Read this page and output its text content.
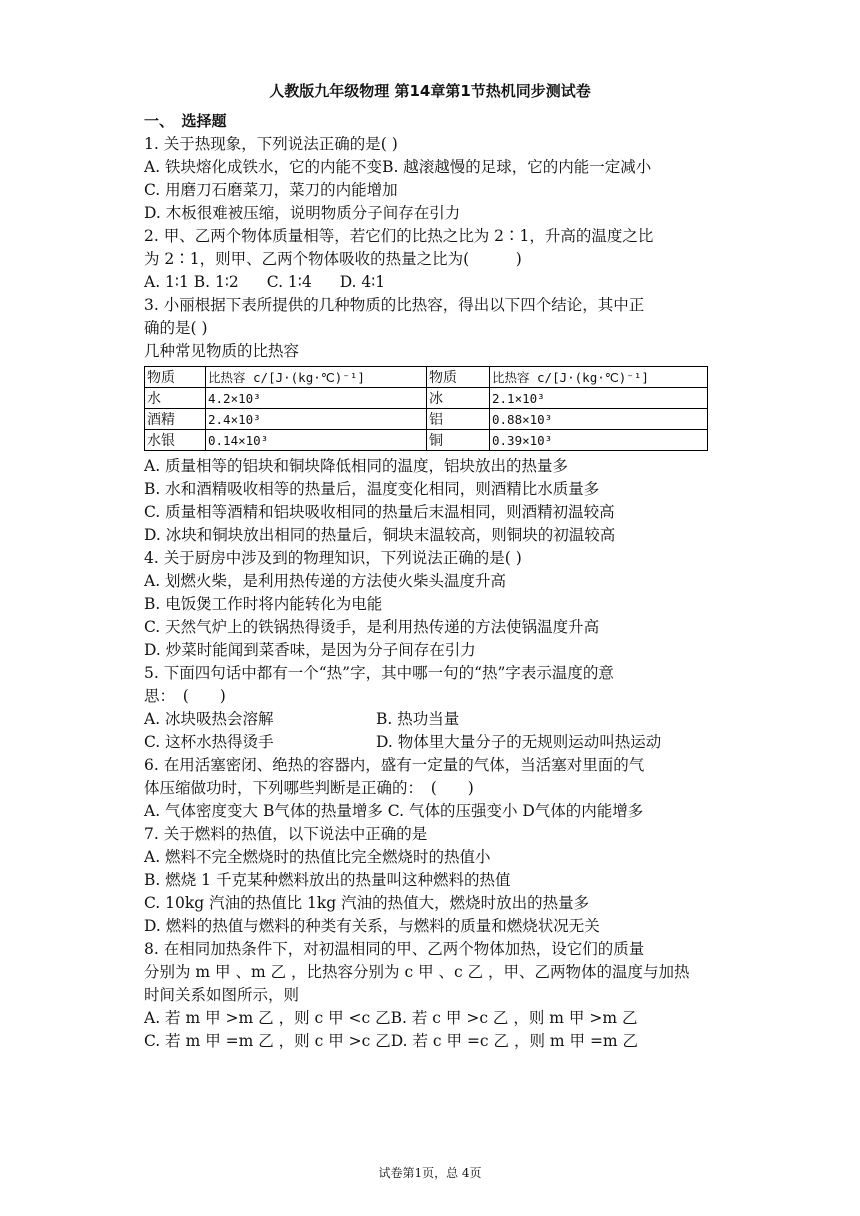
人教版九年级物理 第14章第1节热机同步测试卷
一、　选择题
1. 关于热现象，下列说法正确的是( )
A. 铁块熔化成铁水，它的内能不变B. 越滚越慢的足球，它的内能一定减小
C. 用磨刀石磨菜刀，菜刀的内能增加
D. 木板很难被压缩，说明物质分子间存在引力
2. 甲、乙两个物体质量相等，若它们的比热之比为 2∶1，升高的温度之比
为 2∶1，则甲、乙两个物体吸收的热量之比为(　　　)
A. 1∶1 B. 1∶2 C. 1∶4 D. 4∶1
3. 小丽根据下表所提供的几种物质的比热容，得出以下四个结论，其中正
确的是( )
几种常见物质的比热容
物质	比热容 c/[J·(kg·℃)⁻¹]	物质	比热容 c/[J·(kg·℃)⁻¹]
水	4.2×10³	冰	2.1×10³
酒精	2.4×10³	铝	0.88×10³
水银	0.14×10³	铜	0.39×10³
A. 质量相等的铝块和铜块降低相同的温度，铝块放出的热量多
B. 水和酒精吸收相等的热量后，温度变化相同，则酒精比水质量多
C. 质量相等酒精和铝块吸收相同的热量后末温相同，则酒精初温较高
D. 冰块和铜块放出相同的热量后，铜块末温较高，则铜块的初温较高
4. 关于厨房中涉及到的物理知识，下列说法正确的是( )
A. 划燃火柴，是利用热传递的方法使火柴头温度升高
B. 电饭煲工作时将内能转化为电能
C. 天然气炉上的铁锅热得烫手，是利用热传递的方法使锅温度升高
D. 炒菜时能闻到菜香味，是因为分子间存在引力
5. 下面四句话中都有一个“热”字，其中哪一句的“热”字表示温度的意
思：　(　　)
A. 冰块吸热会溶解	B. 热功当量
C. 这杯水热得烫手	D. 物体里大量分子的无规则运动叫热运动
6. 在用活塞密闭、绝热的容器内，盛有一定量的气体，当活塞对里面的气
体压缩做功时，下列哪些判断是正确的：　(　　)
A. 气体密度变大 B气体的热量增多 C. 气体的压强变小 D气体的内能增多
7. 关于燃料的热值，以下说法中正确的是
A. 燃料不完全燃烧时的热值比完全燃烧时的热值小
B. 燃烧 1 千克某种燃料放出的热量叫这种燃料的热值
C. 10kg 汽油的热值比 1kg 汽油的热值大，燃烧时放出的热量多
D. 燃料的热值与燃料的种类有关系，与燃料的质量和燃烧状况无关
8. 在相同加热条件下，对初温相同的甲、乙两个物体加热，设它们的质量
分别为 m 甲 、m 乙 ，比热容分别为 c 甲 、c 乙 ，甲、乙两物体的温度与加热
时间关系如图所示，则
A. 若 m 甲 >m 乙 ，则 c 甲 <c 乙B. 若 c 甲 >c 乙 ，则 m 甲 >m 乙
C. 若 m 甲 =m 乙 ，则 c 甲 >c 乙D. 若 c 甲 =c 乙 ，则 m 甲 =m 乙
试卷第1页，总 4页
